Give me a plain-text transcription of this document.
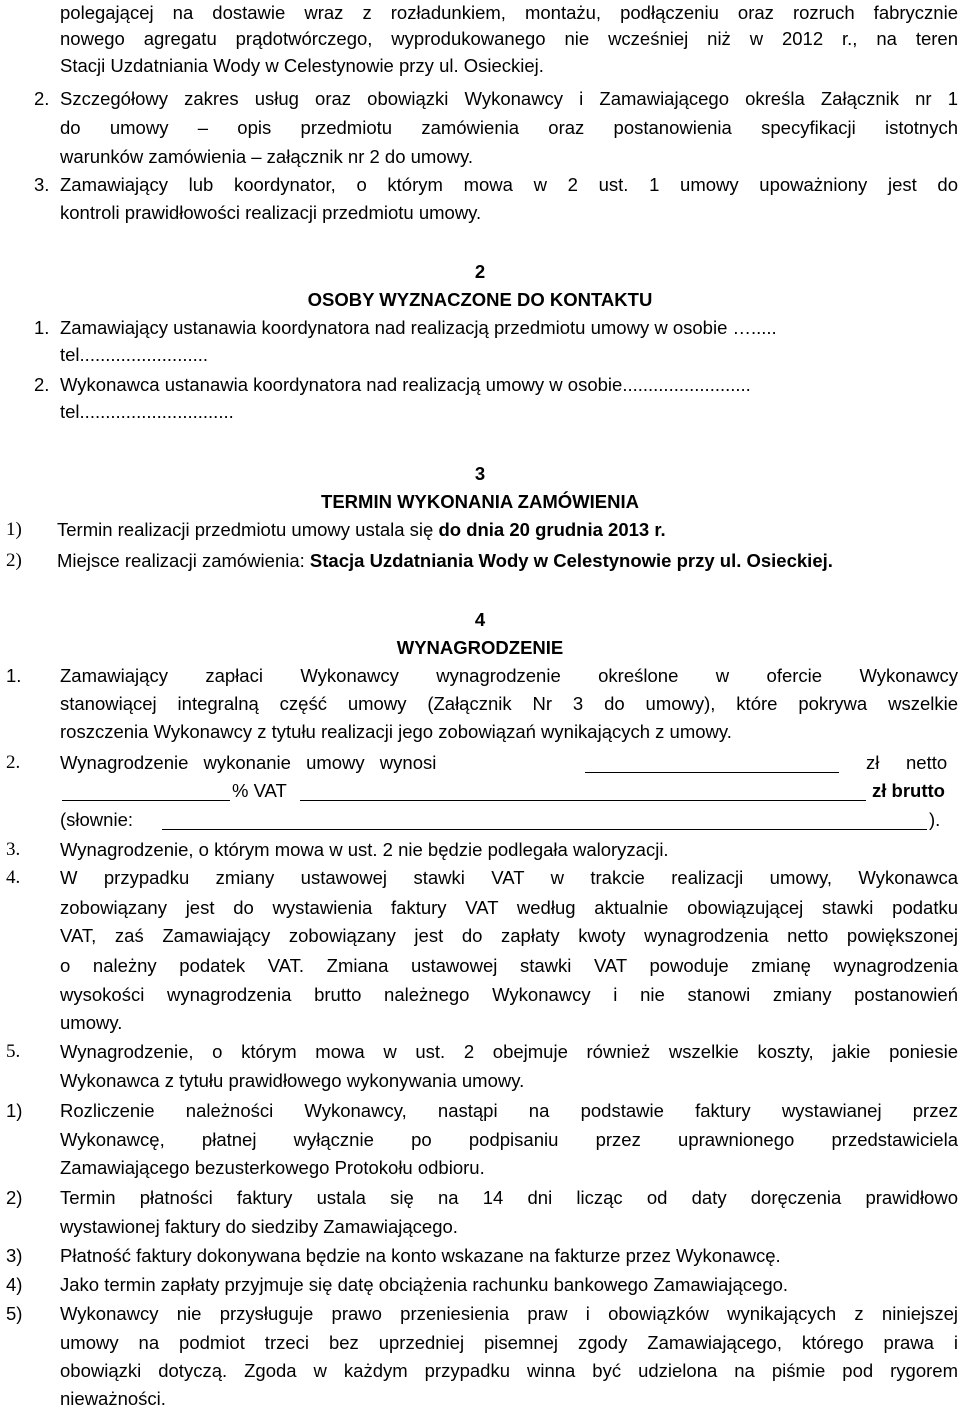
polegającej na dostawie wraz z rozładunkiem, montażu, podłączeniu oraz rozruch fabrycznie
nowego agregatu prądotwórczego, wyprodukowanego nie wcześniej niż w 2012 r., na teren
Stacji Uzdatniania Wody w Celestynowie przy ul. Osieckiej.
2. Szczegółowy zakres usług oraz obowiązki Wykonawcy i Zamawiającego określa Załącznik nr 1
do umowy – opis przedmiotu zamówienia oraz postanowienia specyfikacji istotnych
warunków zamówienia – załącznik nr 2 do umowy.
3. Zamawiający lub koordynator, o którym mowa w 2 ust. 1 umowy upoważniony jest do
kontroli prawidłowości realizacji przedmiotu umowy.
2
OSOBY WYZNACZONE DO KONTAKTU
1. Zamawiający ustanawia koordynatora nad realizacją przedmiotu umowy w osobie ….....
tel.........................
2. Wykonawca ustanawia koordynatora nad realizacją umowy w osobie.........................
tel..............................
3
TERMIN WYKONANIA ZAMÓWIENIA
1) Termin realizacji przedmiotu umowy ustala się do dnia 20 grudnia 2013 r.
2) Miejsce realizacji zamówienia: Stacja Uzdatniania Wody w Celestynowie przy ul. Osieckiej.
4
WYNAGRODZENIE
1. Zamawiający zapłaci Wykonawcy wynagrodzenie określone w ofercie Wykonawcy
stanowiącej integralną część umowy (Załącznik Nr 3 do umowy), które pokrywa wszelkie
roszczenia Wykonawcy z tytułu realizacji jego zobowiązań wynikających z umowy.
2. Wynagrodzenie wykonanie umowy wynosi	zł netto
% VAT	zł brutto
(słownie:	).
3. Wynagrodzenie, o którym mowa w ust. 2 nie będzie podlegała waloryzacji.
4. W przypadku zmiany ustawowej stawki VAT w trakcie realizacji umowy, Wykonawca
zobowiązany jest do wystawienia faktury VAT według aktualnie obowiązującej stawki podatku
VAT, zaś Zamawiający zobowiązany jest do zapłaty kwoty wynagrodzenia netto powiększonej
o należny podatek VAT. Zmiana ustawowej stawki VAT powoduje zmianę wynagrodzenia
wysokości wynagrodzenia brutto należnego Wykonawcy i nie stanowi zmiany postanowień
umowy.
5. Wynagrodzenie, o którym mowa w ust. 2 obejmuje również wszelkie koszty, jakie poniesie
Wykonawca z tytułu prawidłowego wykonywania umowy.
1) Rozliczenie należności Wykonawcy, nastąpi na podstawie faktury wystawianej przez
Wykonawcę, płatnej wyłącznie po podpisaniu przez uprawnionego przedstawiciela
Zamawiającego bezusterkowego Protokołu odbioru.
2) Termin płatności faktury ustala się na 14 dni licząc od daty doręczenia prawidłowo
wystawionej faktury do siedziby Zamawiającego.
3) Płatność faktury dokonywana będzie na konto wskazane na fakturze przez Wykonawcę.
4) Jako termin zapłaty przyjmuje się datę obciążenia rachunku bankowego Zamawiającego.
5) Wykonawcy nie przysługuje prawo przeniesienia praw i obowiązków wynikających z niniejszej
umowy na podmiot trzeci bez uprzedniej pisemnej zgody Zamawiającego, którego prawa i
obowiązki dotyczą. Zgoda w każdym przypadku winna być udzielona na piśmie pod rygorem
nieważności.
